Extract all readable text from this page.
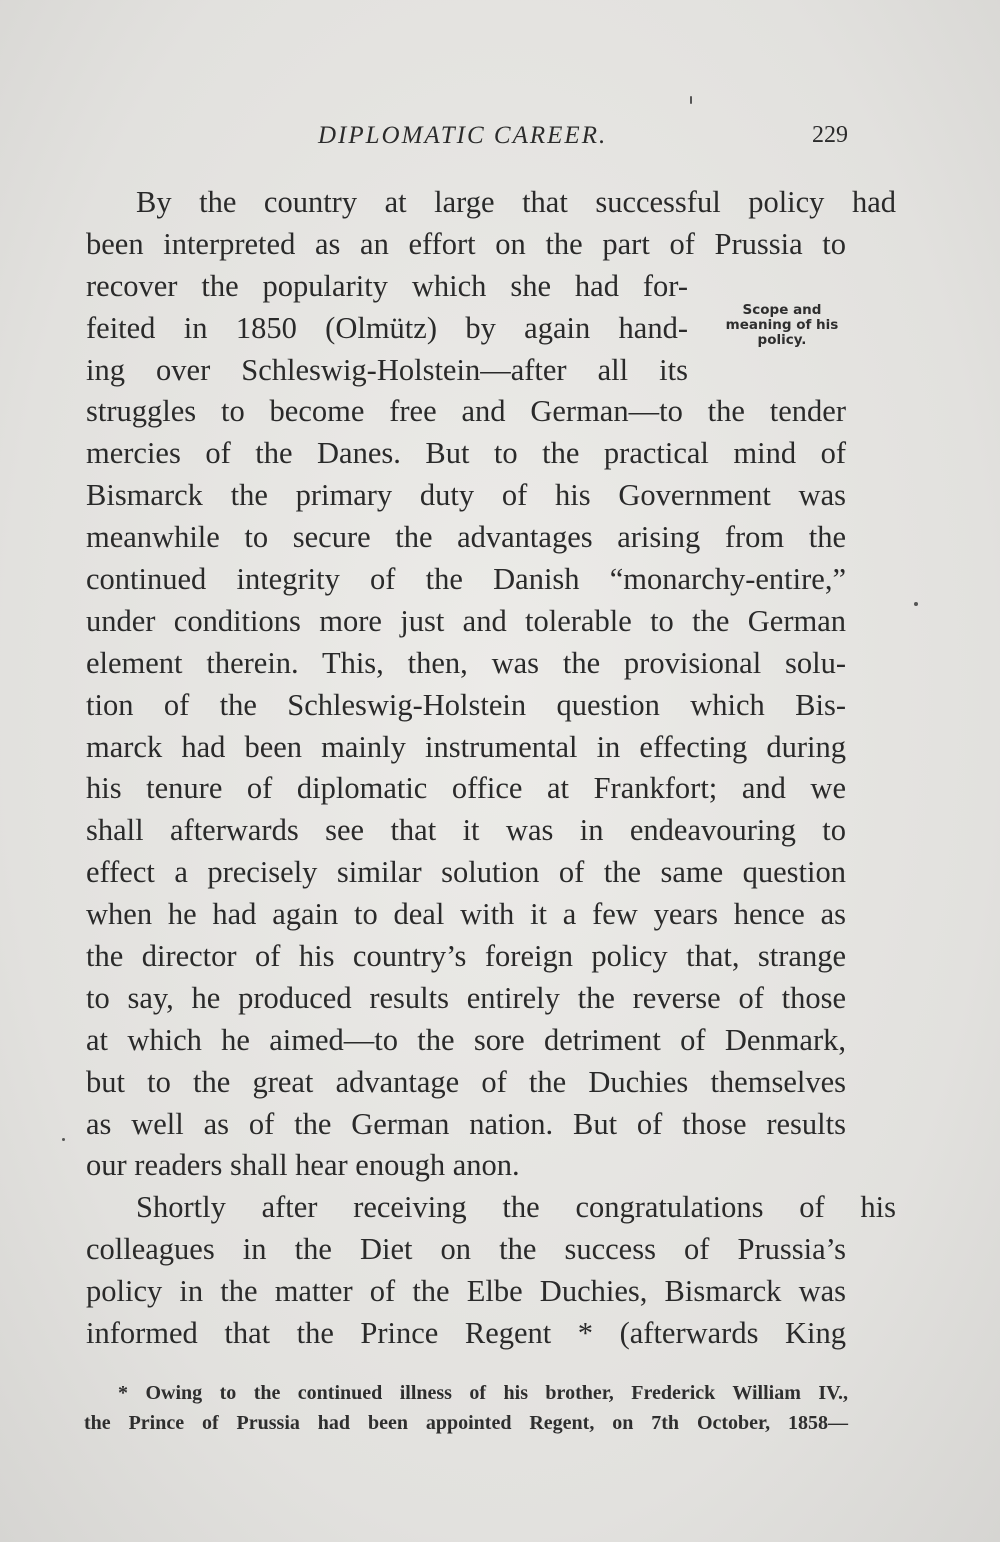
DIPLOMATIC CAREER.	229
Scope and
meaning of his
policy.
By the country at large that successful policy had
been interpreted as an effort on the part of Prussia to
recover the popularity which she had for-
feited in 1850 (Olmütz) by again hand-
ing over Schleswig-Holstein—after all its
struggles to become free and German—to the tender
mercies of the Danes. But to the practical mind of
Bismarck the primary duty of his Government was
meanwhile to secure the advantages arising from the
continued integrity of the Danish “monarchy-entire,”
under conditions more just and tolerable to the German
element therein. This, then, was the provisional solu-
tion of the Schleswig-Holstein question which Bis-
marck had been mainly instrumental in effecting during
his tenure of diplomatic office at Frankfort; and we
shall afterwards see that it was in endeavouring to
effect a precisely similar solution of the same question
when he had again to deal with it a few years hence as
the director of his country’s foreign policy that, strange
to say, he produced results entirely the reverse of those
at which he aimed—to the sore detriment of Denmark,
but to the great advantage of the Duchies themselves
as well as of the German nation. But of those results
our readers shall hear enough anon.
Shortly after receiving the congratulations of his
colleagues in the Diet on the success of Prussia’s
policy in the matter of the Elbe Duchies, Bismarck was
informed that the Prince Regent * (afterwards King
* Owing to the continued illness of his brother, Frederick William IV.,
the Prince of Prussia had been appointed Regent, on 7th October, 1858—
